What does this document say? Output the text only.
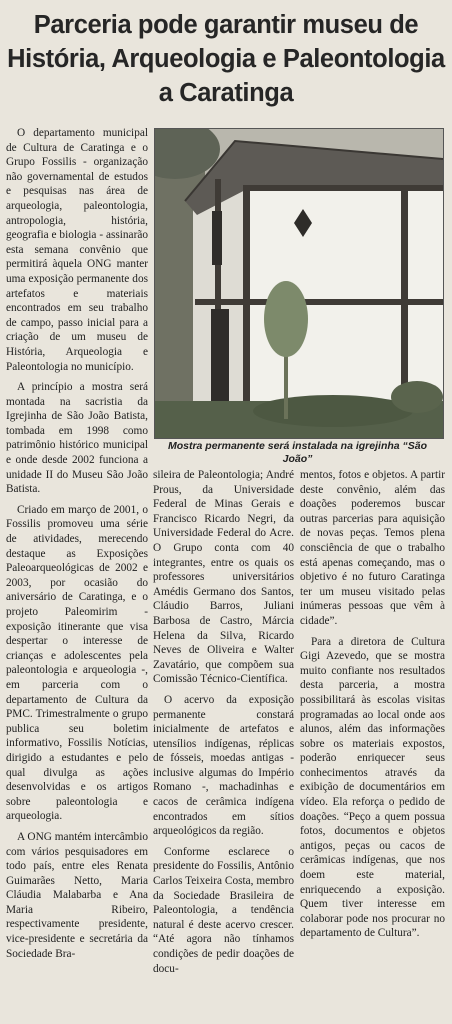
Parceria pode garantir museu de História, Arqueologia e Paleontologia a Caratinga

O departamento municipal de Cultura de Caratinga e o Grupo Fossilis - organização não governamental de estudos e pesquisas nas área de arqueologia, paleontologia, antropologia, história, geografia e biologia - assinarão esta semana convênio que permitirá àquela ONG manter uma exposição permanente dos artefatos e materiais encontrados em seu trabalho de campo, passo inicial para a criação de um museu de História, Arqueologia e Paleontologia no município.

A princípio a mostra será montada na sacristia da Igrejinha de São João Batista, tombada em 1998 como patrimônio histórico municipal e onde desde 2002 funciona a unidade II do Museu São João Batista.

Criado em março de 2001, o Fossilis promoveu uma série de atividades, merecendo destaque as Exposições Paleoarqueológicas de 2002 e 2003, por ocasião do aniversário de Caratinga, e o projeto Paleomirim - exposição itinerante que visa despertar o interesse de crianças e adolescentes pela paleontologia e arqueologia -, em parceria com o departamento de Cultura da PMC. Trimestralmente o grupo publica seu boletim informativo, Fossilis Notícias, dirigido a estudantes e pelo qual divulga as ações desenvolvidas e os artigos sobre paleontologia e arqueologia.

A ONG mantém intercâmbio com vários pesquisadores em todo país, entre eles Renata Guimarães Netto, Maria Cláudia Malabarba e Ana Maria Ribeiro, respectivamente presidente, vice-presidente e secretária da Sociedade Bra-

Mostra permanente será instalada na igrejinha “São João”

sileira de Paleontologia; André Prous, da Universidade Federal de Minas Gerais e Francisco Ricardo Negri, da Universidade Federal do Acre. O Grupo conta com 40 integrantes, entre os quais os professores universitários Amédis Germano dos Santos, Cláudio Barros, Juliani Barbosa de Castro, Márcia Helena da Silva, Ricardo Neves de Oliveira e Walter Zavatário, que compõem sua Comissão Técnico-Científica.

O acervo da exposição permanente constará inicialmente de artefatos e utensílios indígenas, réplicas de fósseis, moedas antigas - inclusive algumas do Império Romano -, machadinhas e cacos de cerâmica indígena encontrados em sítios arqueológicos da região.

Conforme esclarece o presidente do Fossilis, Antônio Carlos Teixeira Costa, membro da Sociedade Brasileira de Paleontologia, a tendência natural é deste acervo crescer. “Até agora não tínhamos condições de pedir doações de docu-

mentos, fotos e objetos. A partir deste convênio, além das doações poderemos buscar outras parcerias para aquisição de novas peças. Temos plena consciência de que o trabalho está apenas começando, mas o objetivo é no futuro Caratinga ter um museu visitado pelas inúmeras pessoas que vêm à cidade”.

Para a diretora de Cultura Gigi Azevedo, que se mostra muito confiante nos resultados desta parceria, a mostra possibilitará às escolas visitas programadas ao local onde aos alunos, além das informações sobre os materiais expostos, poderão enriquecer seus conhecimentos através da exibição de documentários em vídeo. Ela reforça o pedido de doações. “Peço a quem possua fotos, documentos e objetos antigos, peças ou cacos de cerâmicas indígenas, que nos doem este material, enriquecendo a exposição. Quem tiver interesse em colaborar pode nos procurar no departamento de Cultura”.
